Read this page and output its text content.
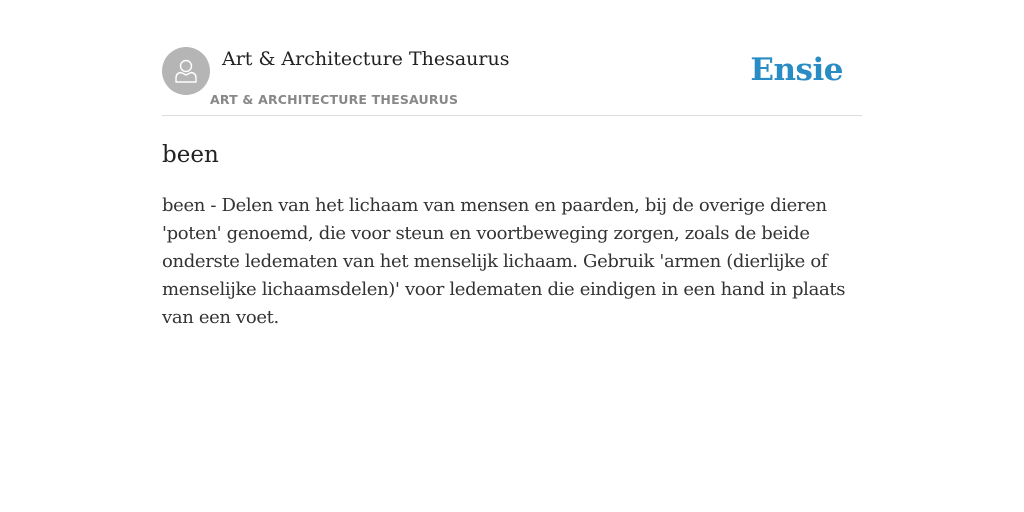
Art & Architecture Thesaurus
ART & ARCHITECTURE THESAURUS
Ensie
been

been - Delen van het lichaam van mensen en paarden, bij de overige dieren 'poten' genoemd, die voor steun en voortbeweging zorgen, zoals de beide onderste ledematen van het menselijk lichaam. Gebruik 'armen (dierlijke of menselijke lichaamsdelen)' voor ledematen die eindigen in een hand in plaats van een voet.
